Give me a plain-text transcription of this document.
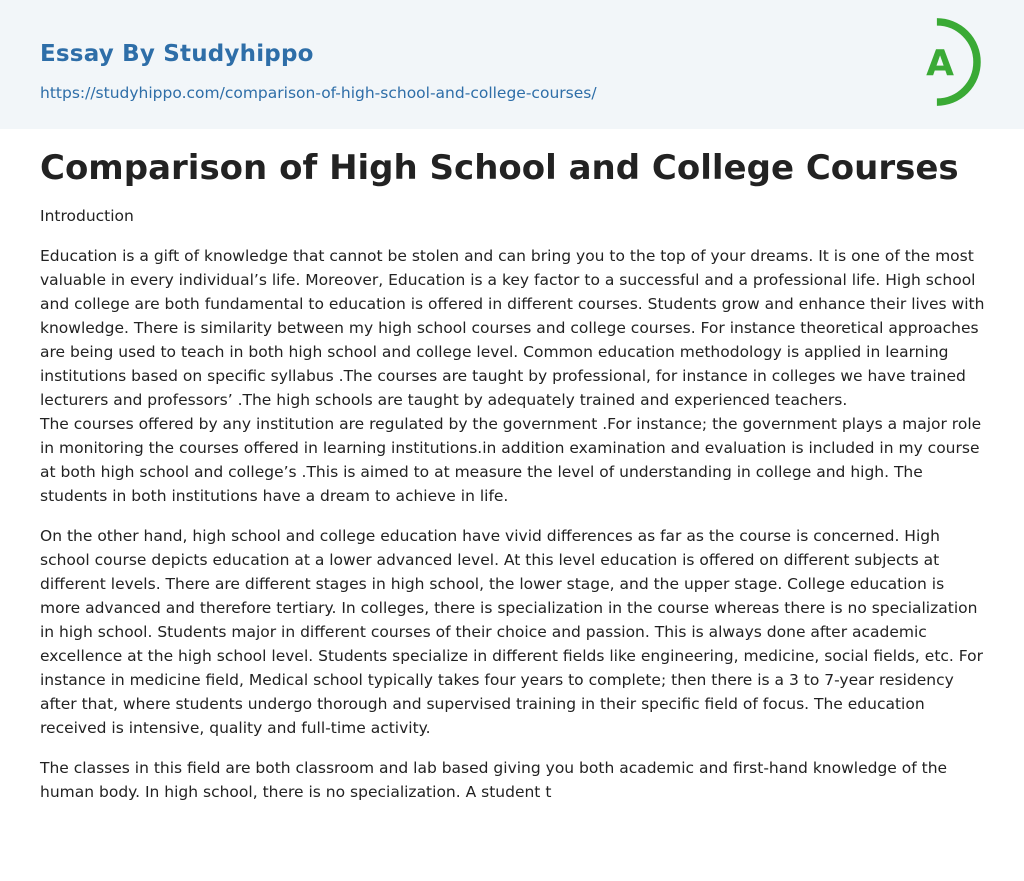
Essay By Studyhippo
https://studyhippo.com/comparison-of-high-school-and-college-courses/
A
Comparison of High School and College Courses
Introduction

Education is a gift of knowledge that cannot be stolen and can bring you to the top of your dreams. It is one of the most valuable in every individual’s life. Moreover, Education is a key factor to a successful and a professional life. High school and college are both fundamental to education is offered in different courses. Students grow and enhance their lives with knowledge. There is similarity between my high school courses and college courses. For instance theoretical approaches are being used to teach in both high school and college level. Common education methodology is applied in learning institutions based on specific syllabus .The courses are taught by professional, for instance in colleges we have trained lecturers and professors’ .The high schools are taught by adequately trained and experienced teachers.

The courses offered by any institution are regulated by the government .For instance; the government plays a major role in monitoring the courses offered in learning institutions.in addition examination and evaluation is included in my course at both high school and college’s .This is aimed to at measure the level of understanding in college and high. The students in both institutions have a dream to achieve in life.

On the other hand, high school and college education have vivid differences as far as the course is concerned. High school course depicts education at a lower advanced level. At this level education is offered on different subjects at different levels. There are different stages in high school, the lower stage, and the upper stage. College education is more advanced and therefore tertiary. In colleges, there is specialization in the course whereas there is no specialization in high school. Students major in different courses of their choice and passion. This is always done after academic excellence at the high school level. Students specialize in different fields like engineering, medicine, social fields, etc. For instance in medicine field, Medical school typically takes four years to complete; then there is a 3 to 7-year residency after that, where students undergo thorough and supervised training in their specific field of focus. The education received is intensive, quality and full-time activity.

The classes in this field are both classroom and lab based giving you both academic and first-hand knowledge of the human body. In high school, there is no specialization. A student t
